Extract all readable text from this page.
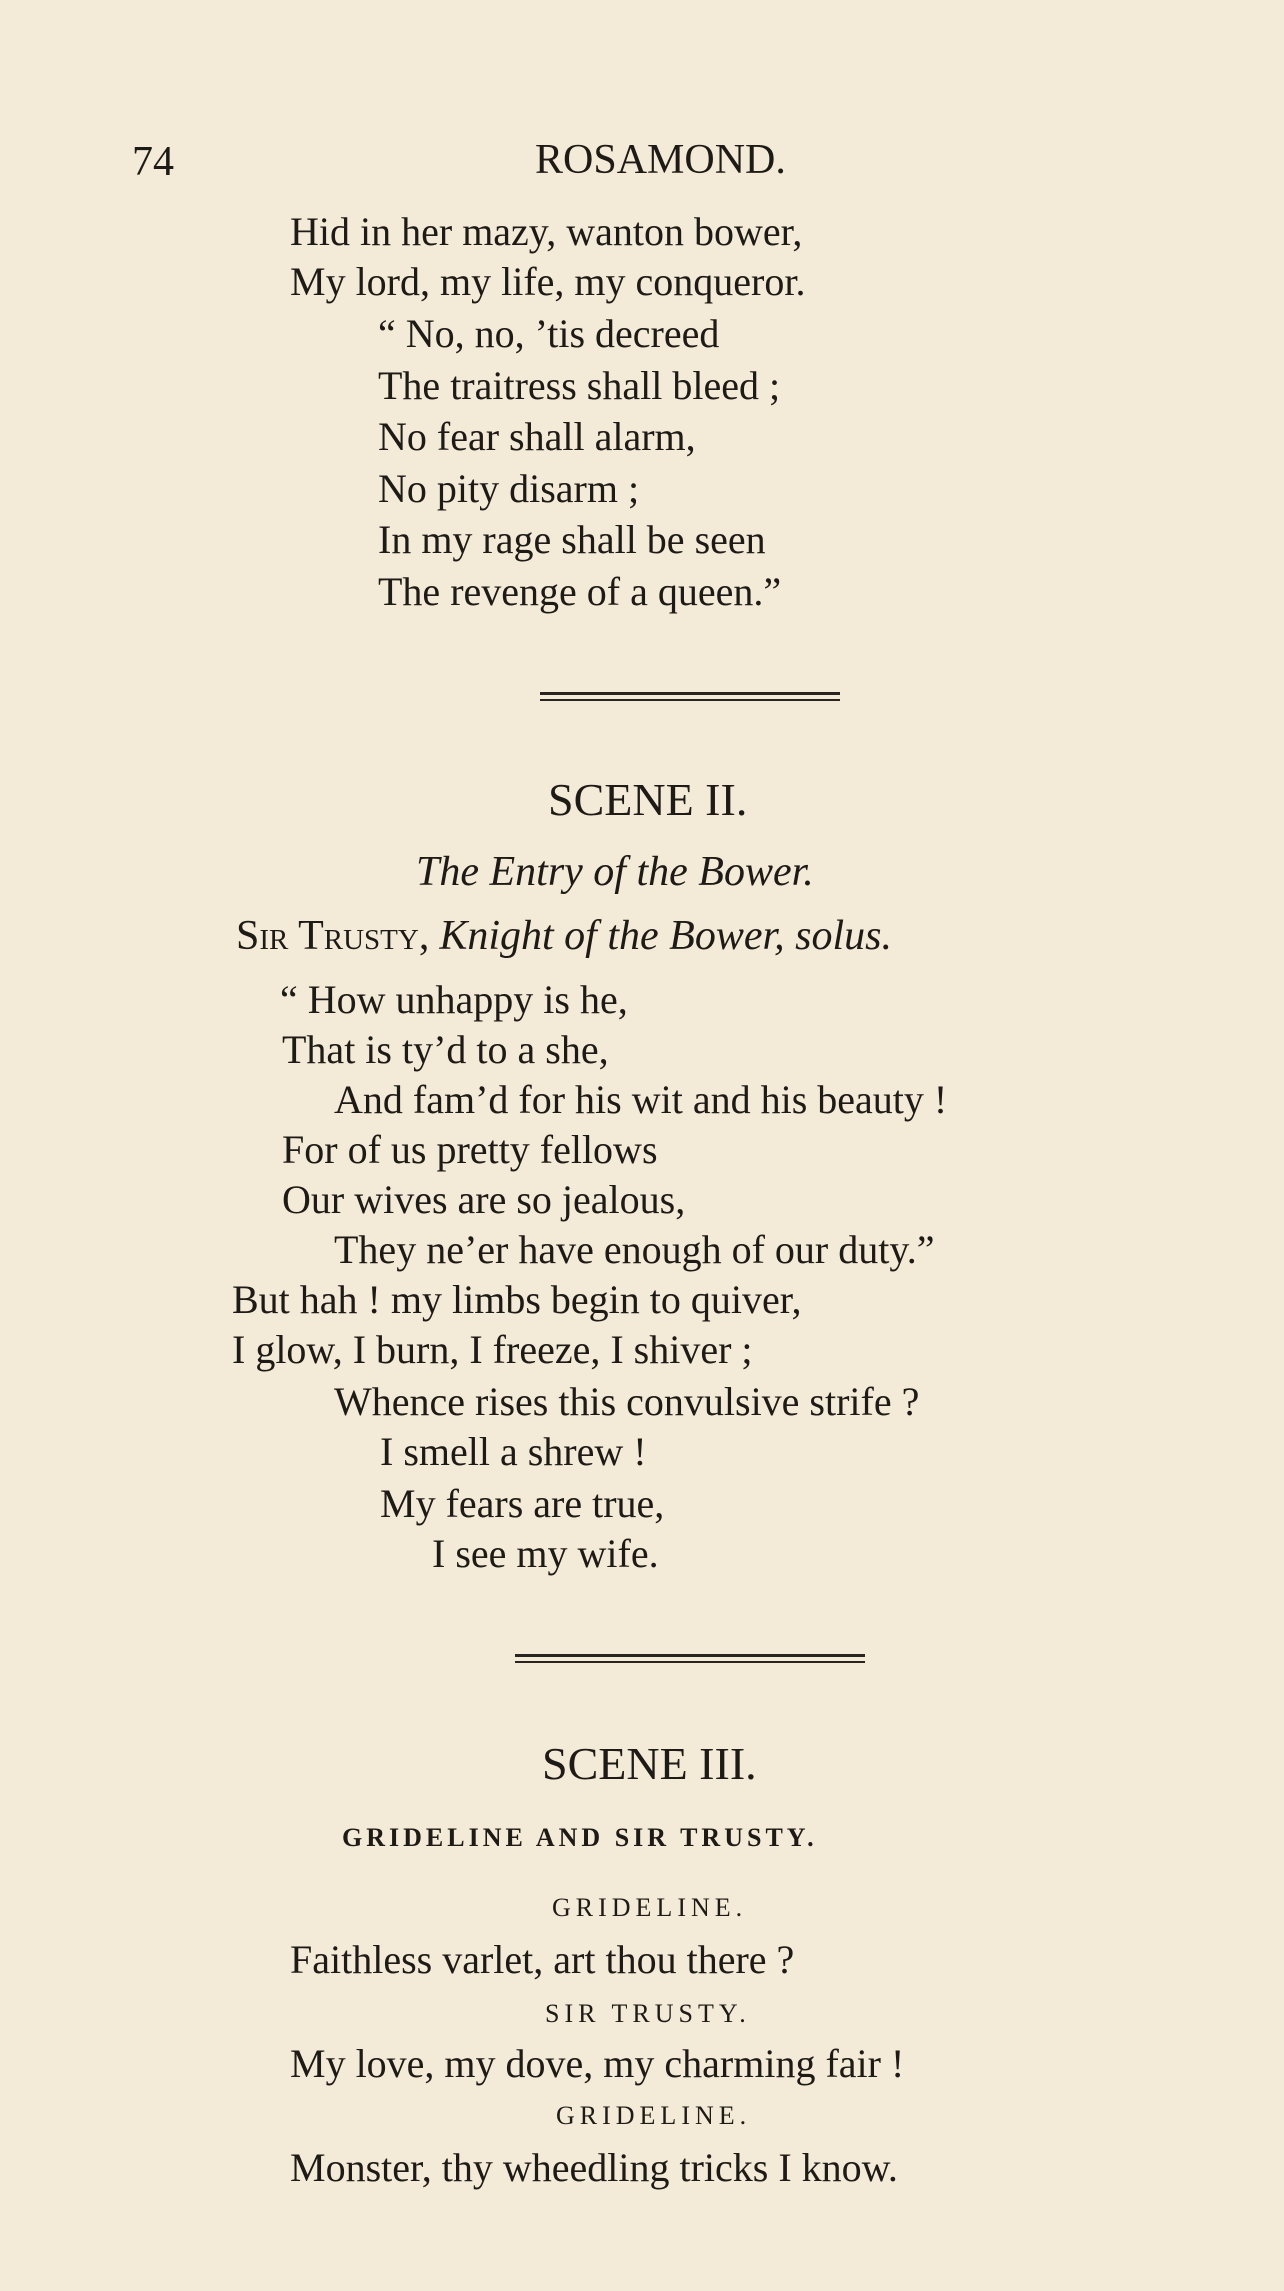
74	ROSAMOND.
Hid in her mazy, wanton bower,
My lord, my life, my conqueror.
“ No, no, ’tis decreed
The traitress shall bleed ;
No fear shall alarm,
No pity disarm ;
In my rage shall be seen
The revenge of a queen.”
SCENE II.
The Entry of the Bower.
Sir Trusty, Knight of the Bower, solus.
“ How unhappy is he,
That is ty’d to a she,
And fam’d for his wit and his beauty !
For of us pretty fellows
Our wives are so jealous,
They ne’er have enough of our duty.”
But hah ! my limbs begin to quiver,
I glow, I burn, I freeze, I shiver ;
Whence rises this convulsive strife ?
I smell a shrew !
My fears are true,
I see my wife.
SCENE III.
GRIDELINE AND SIR TRUSTY.
GRIDELINE.
Faithless varlet, art thou there ?
SIR TRUSTY.
My love, my dove, my charming fair !
GRIDELINE.
Monster, thy wheedling tricks I know.
